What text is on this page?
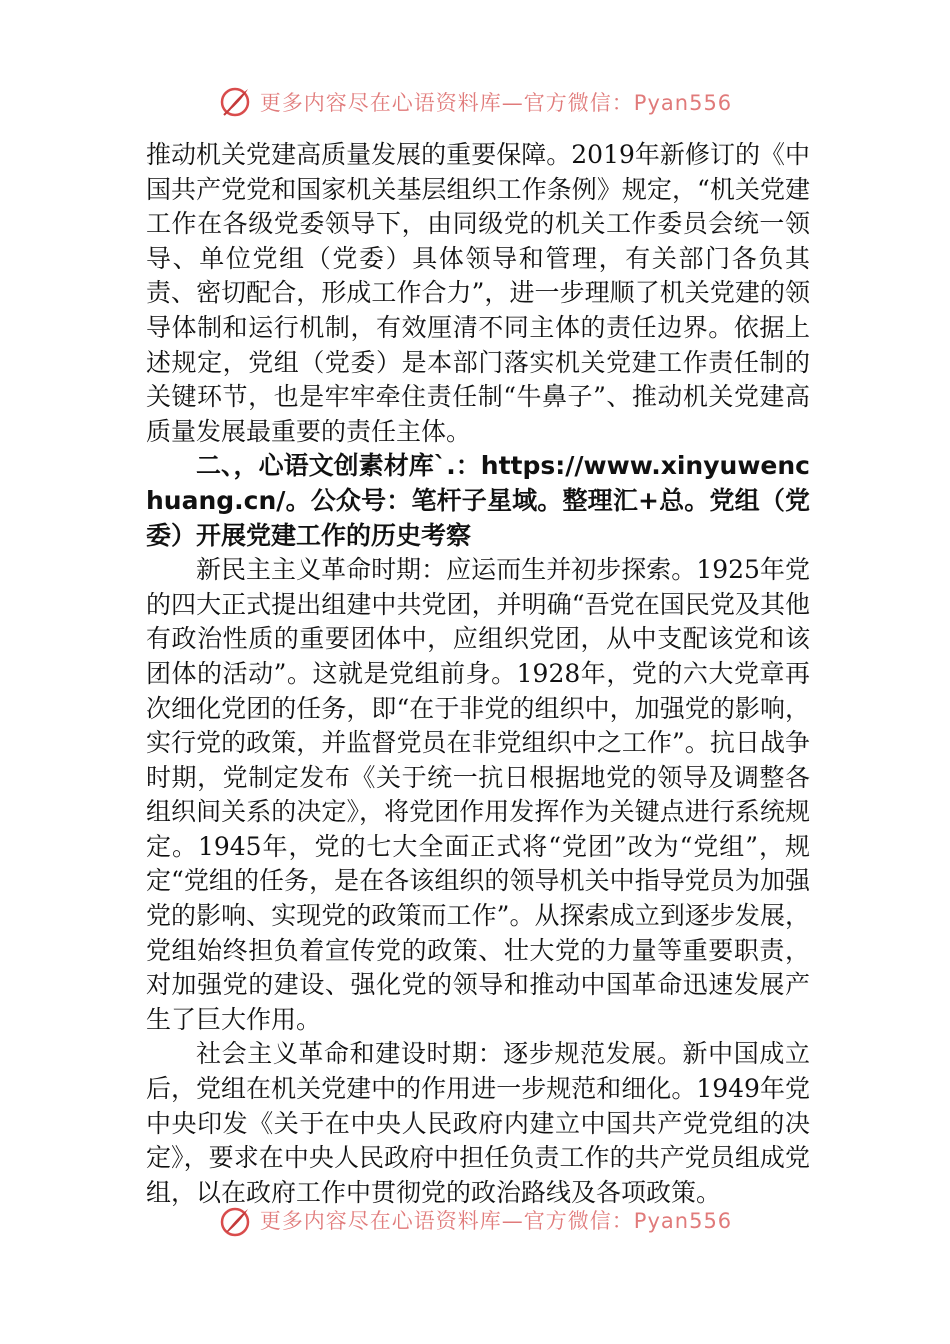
更多内容尽在心语资料库—官方微信：Pyan556

推动机关党建高质量发展的重要保障。2019年新修订的《中国共产党党和国家机关基层组织工作条例》规定，“机关党建工作在各级党委领导下，由同级党的机关工作委员会统一领导、单位党组（党委）具体领导和管理，有关部门各负其责、密切配合，形成工作合力”，进一步理顺了机关党建的领导体制和运行机制，有效厘清不同主体的责任边界。依据上述规定，党组（党委）是本部门落实机关党建工作责任制的关键环节，也是牢牢牵住责任制“牛鼻子”、推动机关党建高质量发展最重要的责任主体。

二、，心语文创素材库`.：https://www.xinyuwenchuang.cn/。公众号：笔杆子星域。整理汇+总。党组（党委）开展党建工作的历史考察

新民主主义革命时期：应运而生并初步探索。1925年党的四大正式提出组建中共党团，并明确“吾党在国民党及其他有政治性质的重要团体中，应组织党团，从中支配该党和该团体的活动”。这就是党组前身。1928年，党的六大党章再次细化党团的任务，即“在于非党的组织中，加强党的影响，实行党的政策，并监督党员在非党组织中之工作”。抗日战争时期，党制定发布《关于统一抗日根据地党的领导及调整各组织间关系的决定》，将党团作用发挥作为关键点进行系统规定。1945年，党的七大全面正式将“党团”改为“党组”，规定“党组的任务，是在各该组织的领导机关中指导党员为加强党的影响、实现党的政策而工作”。从探索成立到逐步发展，党组始终担负着宣传党的政策、壮大党的力量等重要职责，对加强党的建设、强化党的领导和推动中国革命迅速发展产生了巨大作用。

社会主义革命和建设时期：逐步规范发展。新中国成立后，党组在机关党建中的作用进一步规范和细化。1949年党中央印发《关于在中央人民政府内建立中国共产党党组的决定》，要求在中央人民政府中担任负责工作的共产党员组成党组，以在政府工作中贯彻党的政治路线及各项政策。

更多内容尽在心语资料库—官方微信：Pyan556
